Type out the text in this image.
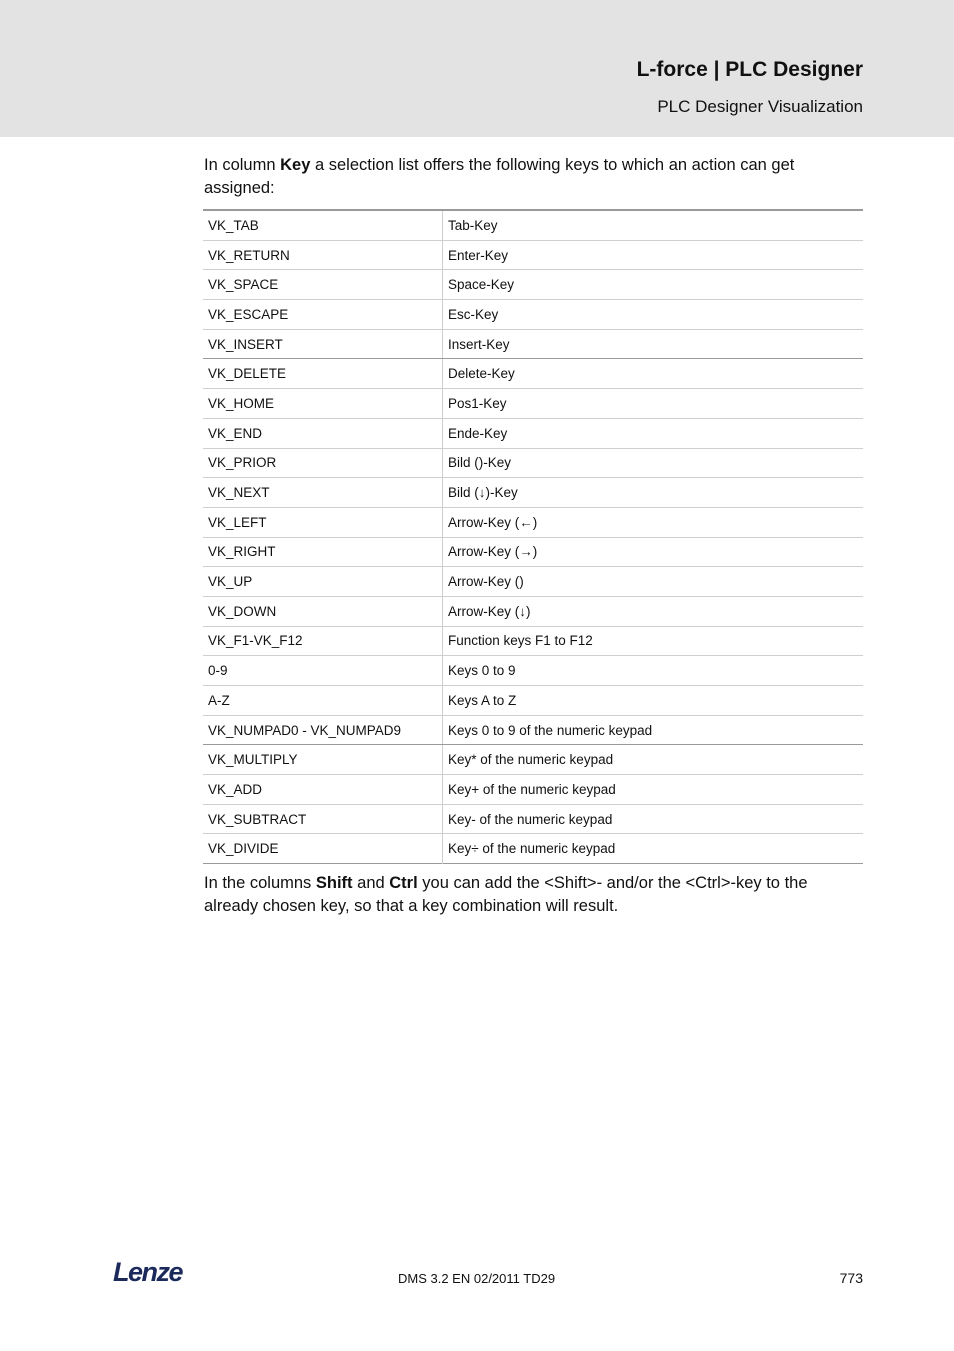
L-force | PLC Designer
PLC Designer Visualization
In column Key a selection list offers the following keys to which an action can get assigned:
VK_TAB	Tab-Key
VK_RETURN	Enter-Key
VK_SPACE	Space-Key
VK_ESCAPE	Esc-Key
VK_INSERT	Insert-Key
VK_DELETE	Delete-Key
VK_HOME	Pos1-Key
VK_END	Ende-Key
VK_PRIOR	Bild ()-Key
VK_NEXT	Bild (↓)-Key
VK_LEFT	Arrow-Key (←)
VK_RIGHT	Arrow-Key (→)
VK_UP	Arrow-Key ()
VK_DOWN	Arrow-Key (↓)
VK_F1-VK_F12	Function keys F1 to F12
0-9	Keys 0 to 9
A-Z	Keys A to Z
VK_NUMPAD0 - VK_NUMPAD9	Keys 0 to 9 of the numeric keypad
VK_MULTIPLY	Key* of the numeric keypad
VK_ADD	Key+ of the numeric keypad
VK_SUBTRACT	Key- of the numeric keypad
VK_DIVIDE	Key÷ of the numeric keypad
In the columns Shift and Ctrl you can add the <Shift>- and/or the <Ctrl>-key to the already chosen key, so that a key combination will result.
Lenze	DMS 3.2 EN 02/2011 TD29	773
